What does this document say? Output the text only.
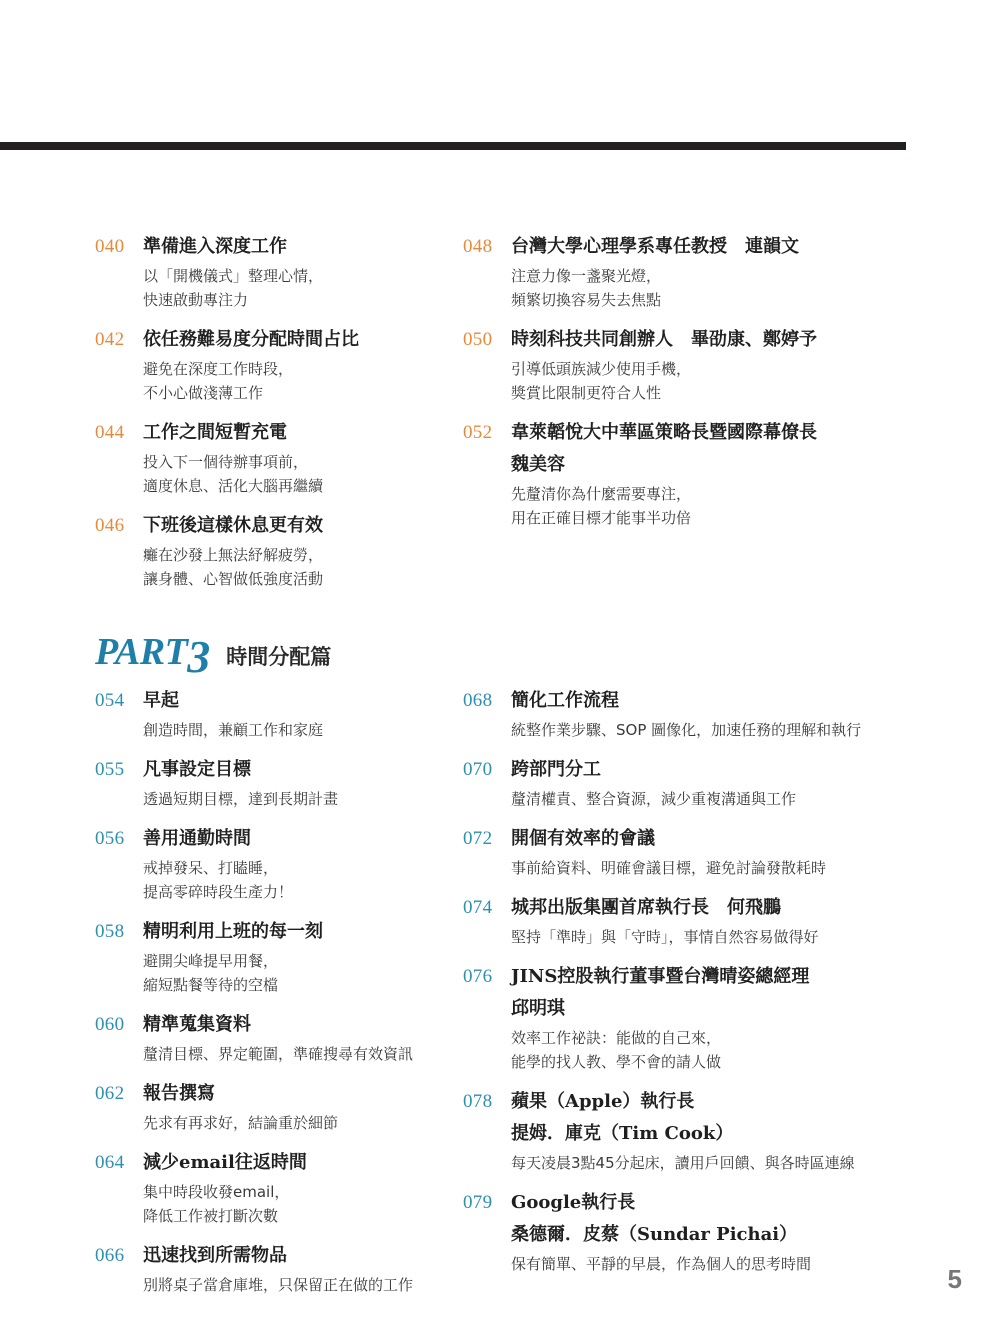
040	準備進入深度工作
以「開機儀式」整理心情，
快速啟動專注力
042	依任務難易度分配時間占比
避免在深度工作時段，
不小心做淺薄工作
044	工作之間短暫充電
投入下一個待辦事項前，
適度休息、活化大腦再繼續
046	下班後這樣休息更有效
癱在沙發上無法紓解疲勞，
讓身體、心智做低強度活動
048	台灣大學心理學系專任教授　連韻文
注意力像一盞聚光燈，
頻繁切換容易失去焦點
050	時刻科技共同創辦人　畢劭康、鄭婷予
引導低頭族減少使用手機，
獎賞比限制更符合人性
052	韋萊韜悅大中華區策略長暨國際幕僚長
魏美容
先釐清你為什麼需要專注，
用在正確目標才能事半功倍
PART 3 時間分配篇
054	早起
創造時間，兼顧工作和家庭
055	凡事設定目標
透過短期目標，達到長期計畫
056	善用通勤時間
戒掉發呆、打瞌睡，
提高零碎時段生產力！
058	精明利用上班的每一刻
避開尖峰提早用餐，
縮短點餐等待的空檔
060	精準蒐集資料
釐清目標、界定範圍，準確搜尋有效資訊
062	報告撰寫
先求有再求好，結論重於細節
064	減少email往返時間
集中時段收發email，
降低工作被打斷次數
066	迅速找到所需物品
別將桌子當倉庫堆，只保留正在做的工作
068	簡化工作流程
統整作業步驟、SOP 圖像化，加速任務的理解和執行
070	跨部門分工
釐清權責、整合資源，減少重複溝通與工作
072	開個有效率的會議
事前給資料、明確會議目標，避免討論發散耗時
074	城邦出版集團首席執行長　何飛鵬
堅持「準時」與「守時」，事情自然容易做得好
076	JINS控股執行董事暨台灣晴姿總經理
邱明琪
效率工作祕訣：能做的自己來，
能學的找人教、學不會的請人做
078	蘋果（Apple）執行長
提姆．庫克（Tim Cook）
每天凌晨3點45分起床，讀用戶回饋、與各時區連線
079	Google執行長
桑德爾．皮蔡（Sundar Pichai）
保有簡單、平靜的早晨，作為個人的思考時間	5
